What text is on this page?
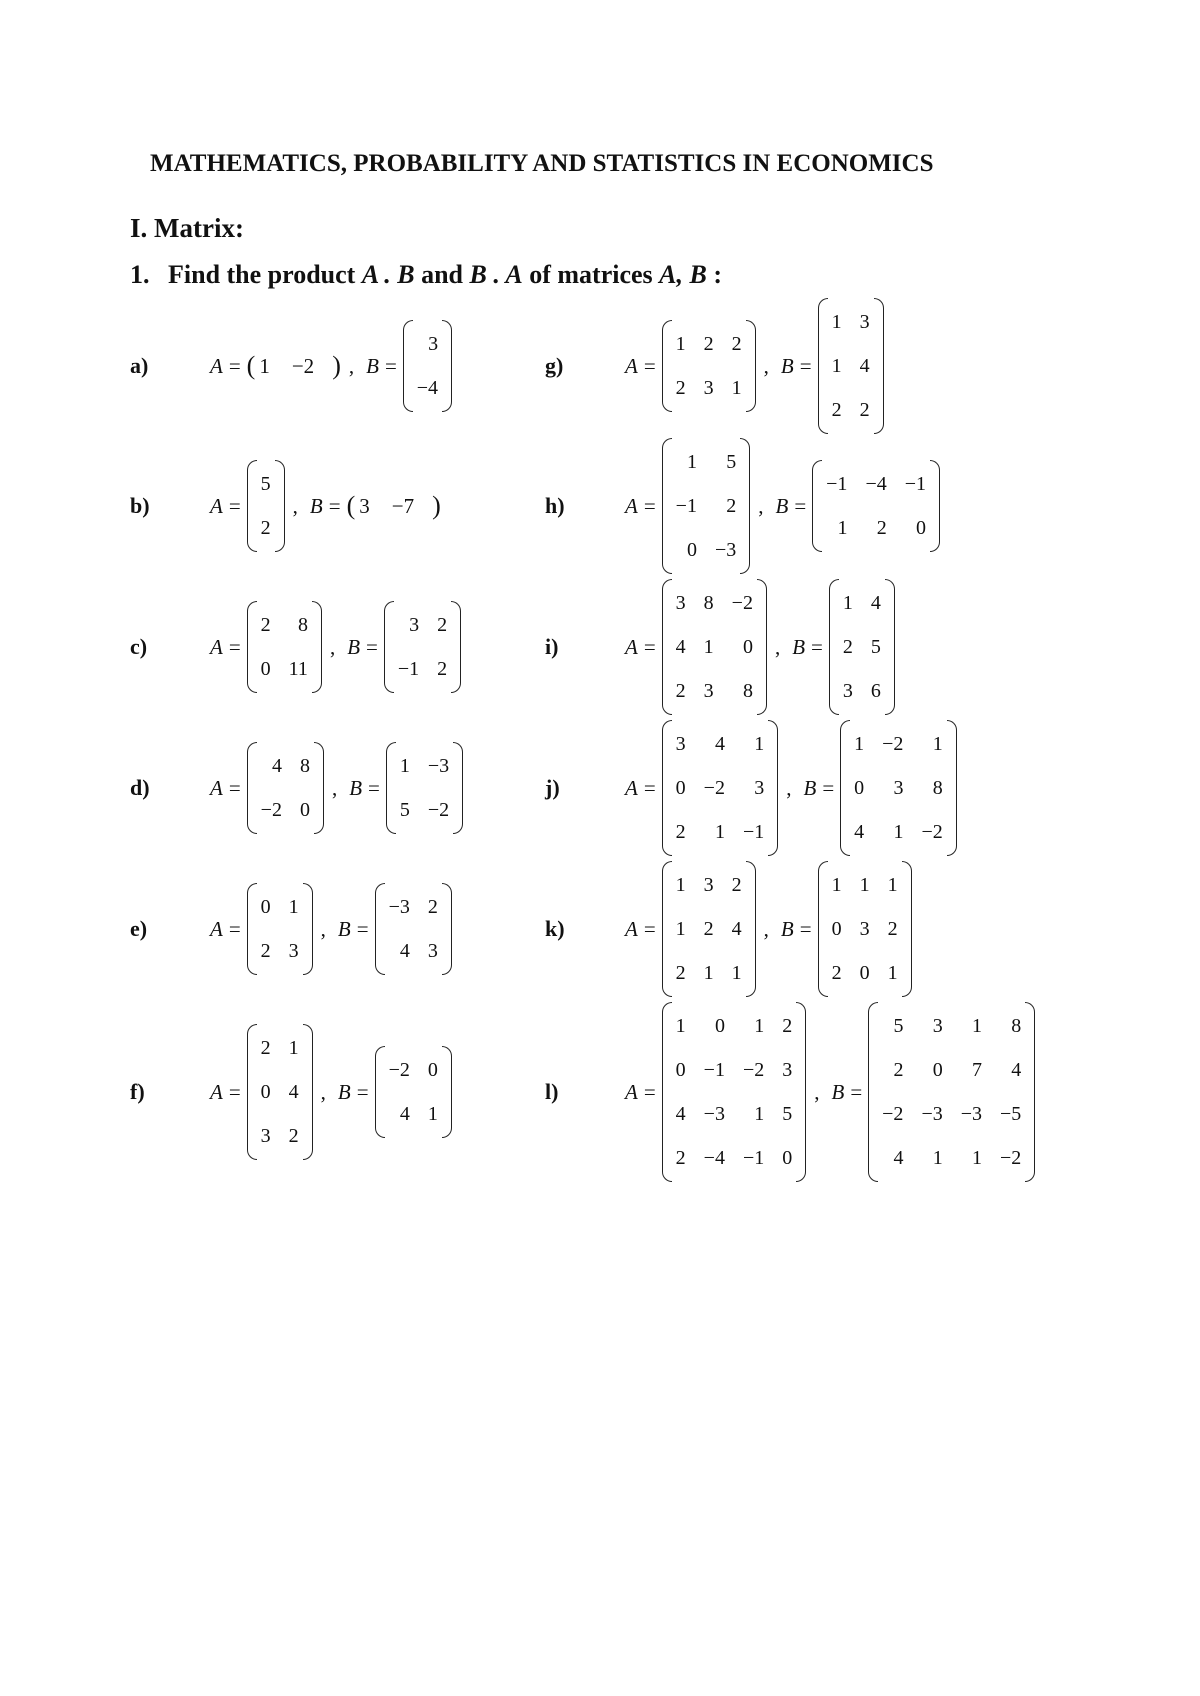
MATHEMATICS, PROBABILITY AND STATISTICS IN ECONOMICS
I. Matrix:
1. Find the product A . B and B . A of matrices A, B :
a)	A = ( 1 −2 ) , B =
3
−4
b)	A =
5
2
, B = ( 3 −7 )
c)	A =
2	8
0 11
, B =
3 2
−1 2
d)	A =
4 8
−2 0
, B =
1 −3
5 −2
e)	A =
0 1
2 3
, B =
−3 2
4 3
f)	A =
2 1
0 4
3 2
, B =
−2 0
4 1
g)	A =
1 2 2
2 3 1
, B =
1 3
1 4
2 2
h)	A =
1	5
−1	2
0 −3
, B =
−1 −4 −1
1	2	0
i)	A =
3 8 −2
4 1	0
2 3	8
, B =
1 4
2 5
3 6
j)	A =
3	4	1
0 −2	3
2	1 −1
, B =
1 −2	1
0	3	8
4	1 −2
k)	A =
1 3 2
1 2 4
2 1 1
, B =
1 1 1
0 3 2
2 0 1
l)	A =
1	0	1 2
0 −1 −2 3
4 −3	1 5
2 −4 −1 0
, B =
5	3	1	8
2	0	7	4
−2 −3 −3 −5
4	1	1 −2
